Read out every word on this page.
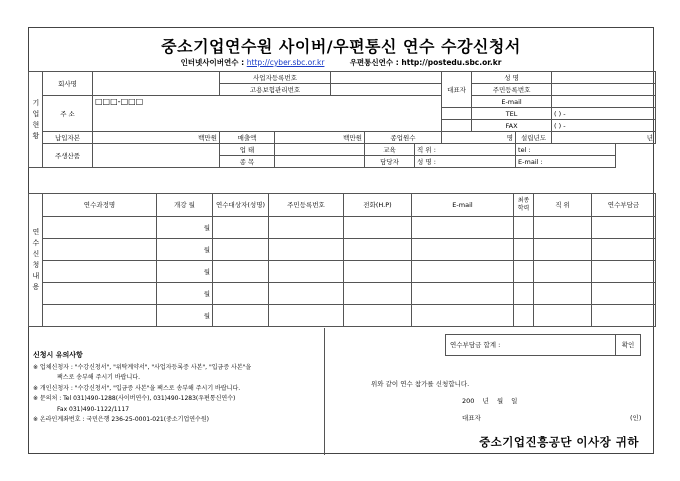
중소기업연수원 사이버/우편통신 연수 수강신청서
인터넷사이버연수 : http://cyber.sbc.or.kr	우편통신연수 : http://postedu.sbc.or.kr
기업현황	회사명		사업자등록번호					대표자	성 명		
			고용보험관리번호						주민등록번호		
	주 소	□□□-□□□							E-mail		
									TEL		( ) -
									FAX		( ) -
	납입자본	백만원	매출액	백만원		종업원수		명		설립년도	년
	주생산품		업 태			교육	직 위 :			tel :	
			종 목			담당자	성 명 :			E-mail :	
연수신청내용	연수과정명	개강 월	연수대상자(성명)	주민등록번호	전화(H.P)	E-mail	최종학력	직 위	연수부담금
		월							
		월							
		월							
		월							
		월							
신청시 유의사항
※ 업체신청자 : "수강신청서", "위탁계약서", "사업자등록증 사본", "입금증 사본"을
팩스로 송부해 주시기 바랍니다.
※ 개인신청자 : "수강신청서", "입금증 사본"을 팩스로 송부해 주시기 바랍니다.
※ 문의처 : Tel 031)490-1288(사이버연수), 031)490-1283(우편통신연수)
Fax 031)490-1122/1117
※ 온라인계좌번호 : 국민은행 236-25-0001-021(중소기업연수원)
연수부담금 합계 :	확인
위와 같이 연수 참가를 신청합니다.
200 년 월 일
대표자	(인)
중소기업진흥공단 이사장 귀하
